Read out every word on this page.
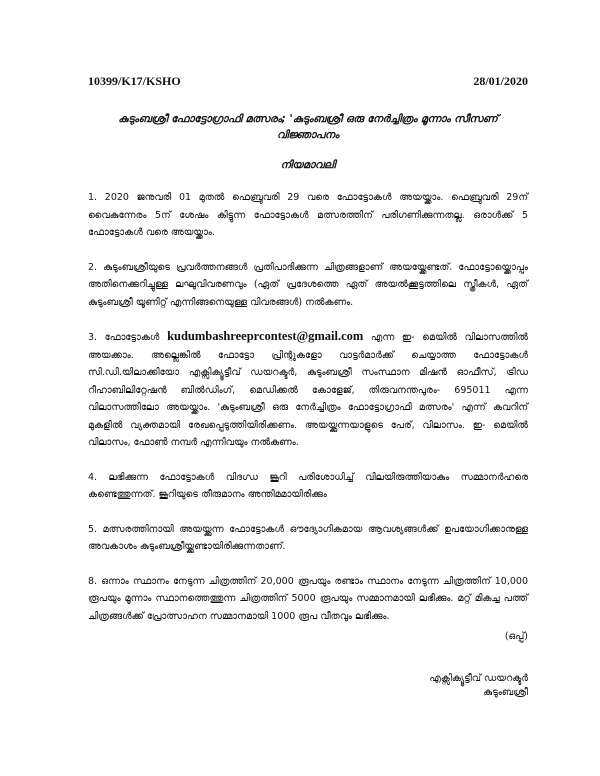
10399/K17/KSHO	28/01/2020
കുടുംബശ്രീ ഫോട്ടോഗ്രാഫി മത്സരം; 'കുടുംബശ്രീ ഒരു നേർച്ചിത്രം മൂന്നാം സീസണ്
വിജ്ഞാപനം
നിയമാവലി
1. 2020 ജനുവരി 01 മുതൽ ഫെബ്രുവരി 29 വരെ ഫോട്ടോകൾ അയയ്ക്കാം. ഫെബ്രുവരി 29ന് വൈകുന്നേരം 5ന് ശേഷം കിട്ടുന്ന ഫോട്ടോകൾ മത്സരത്തിന് പരിഗണിക്കുന്നതല്ല. ഒരാൾക്ക് 5 ഫോട്ടോകൾ വരെ അയയ്ക്കാം.
2. കുടുംബശ്രീയുടെ പ്രവർത്തനങ്ങൾ പ്രതിപാദിക്കുന്ന ചിത്രങ്ങളാണ് അയയ്ക്കേണ്ടത്. ഫോട്ടോയ്ക്കൊപ്പം അതിനെക്കുറിച്ചുള്ള ലഘുവിവരണവും (ഏത് പ്രദേശത്തെ ഏത് അയൽക്കൂട്ടത്തിലെ സ്ത്രീകൾ, ഏത് കുടുംബശ്രീ യൂണിറ്റ് എന്നിങ്ങനെയുള്ള വിവരങ്ങൾ) നൽകണം.
3. ഫോട്ടോകൾ kudumbashreeprcontest@gmail.com എന്ന ഇ- മെയിൽ വിലാസത്തിൽ അയക്കാം. അല്ലെങ്കിൽ ഫോട്ടോ പ്രിന്റുകളോ വാട്ടർമാർക്ക് ചെയ്യാത്ത ഫോട്ടോകൾ സി.ഡി.യിലാക്കിയോ എക്സിക്യൂട്ടീവ് ഡയറക്ടർ, കുടുംബശ്രീ സംസ്ഥാന മിഷൻ ഓഫീസ്, ട്രിഡ റീഹാബിലിറ്റേഷൻ ബിൽഡിംഗ്, മെഡിക്കൽ കോളേജ്, തിരുവനന്തപുരം- 695011 എന്ന വിലാസത്തിലോ അയയ്ക്കാം. 'കുടുംബശ്രീ ഒരു നേർച്ചിത്രം ഫോട്ടോഗ്രാഫി മത്സരം' എന്ന് കവറിന് മുകളിൽ വ്യക്തമായി രേഖപ്പെടുത്തിയിരിക്കണം. അയയ്ക്കുന്നയാളുടെ പേര്, വിലാസം. ഇ- മെയിൽ വിലാസം, ഫോൺ നമ്പർ എന്നിവയും നൽകണം.
4. ലഭിക്കുന്ന ഫോട്ടോകൾ വിദഗ്ധ ജൂറി പരിശോധിച്ച് വിലയിരുത്തിയാകും സമ്മാനർഹരെ കണ്ടെത്തുന്നത്. ജൂറിയുടെ തീരുമാനം അന്തിമമായിരിക്കും
5. മത്സരത്തിനായി അയയ്ക്കുന്ന ഫോട്ടോകൾ ഔദ്യോഗികമായ ആവശ്യങ്ങൾക്ക് ഉപയോഗിക്കാനുള്ള അവകാശം കുടുംബശ്രീയ്ക്കുണ്ടായിരിക്കുന്നതാണ്.
8. ഒന്നാം സ്ഥാനം നേടുന്ന ചിത്രത്തിന് 20,000 രൂപയും രണ്ടാം സ്ഥാനം നേടുന്ന ചിത്രത്തിന് 10,000 രൂപയും മൂന്നാം സ്ഥാനത്തെത്തുന്ന ചിത്രത്തിന് 5000 രൂപയും സമ്മാനമായി ലഭിക്കും. മറ്റ് മികച്ച പത്ത് ചിത്രങ്ങൾക്ക് പ്രോത്സാഹന സമ്മാനമായി 1000 രൂപ വീതവും ലഭിക്കും.
(ഒപ്പ്)
എക്സിക്യൂട്ടീവ് ഡയറക്ടർ
കുടുംബശ്രീ
